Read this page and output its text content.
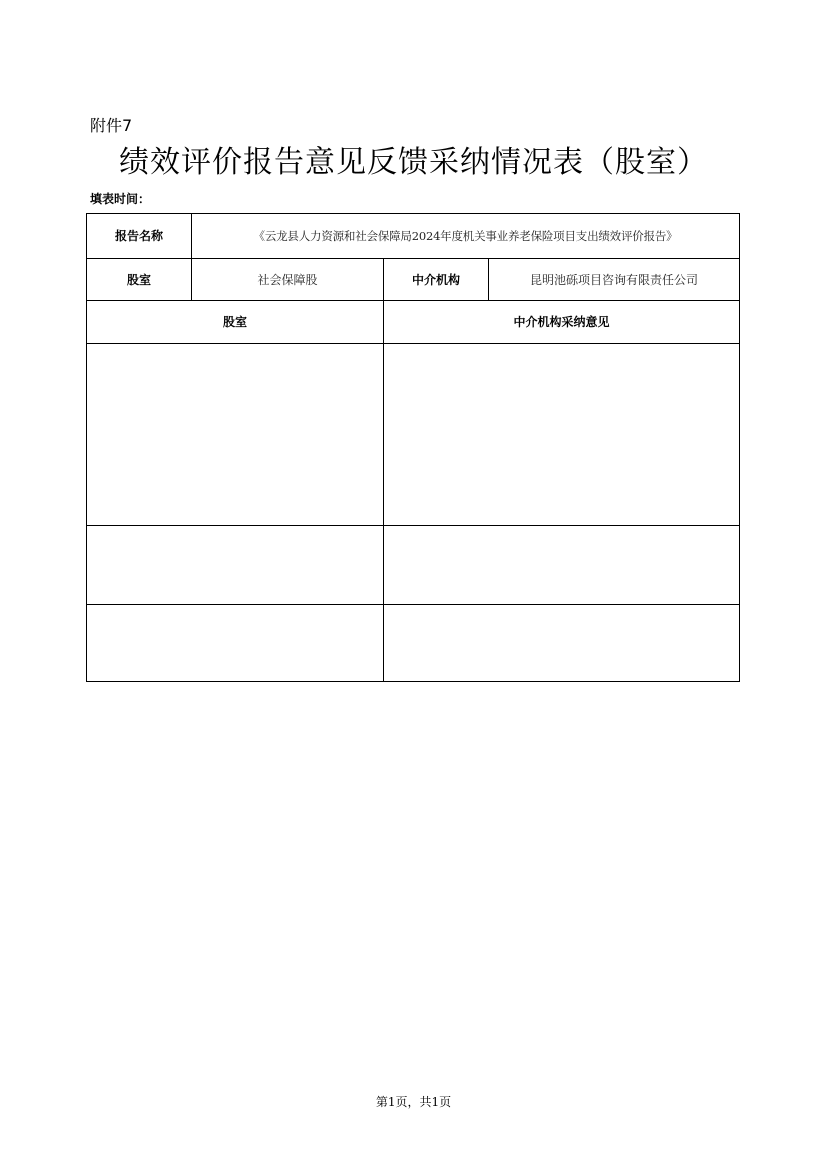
附件7
绩效评价报告意见反馈采纳情况表（股室）
填表时间：
报告名称	《云龙县人力资源和社会保障局2024年度机关事业养老保险项目支出绩效评价报告》		
股室	社会保障股	中介机构	昆明池砾项目咨询有限责任公司
股室		中介机构采纳意见	

第1页，共1页
